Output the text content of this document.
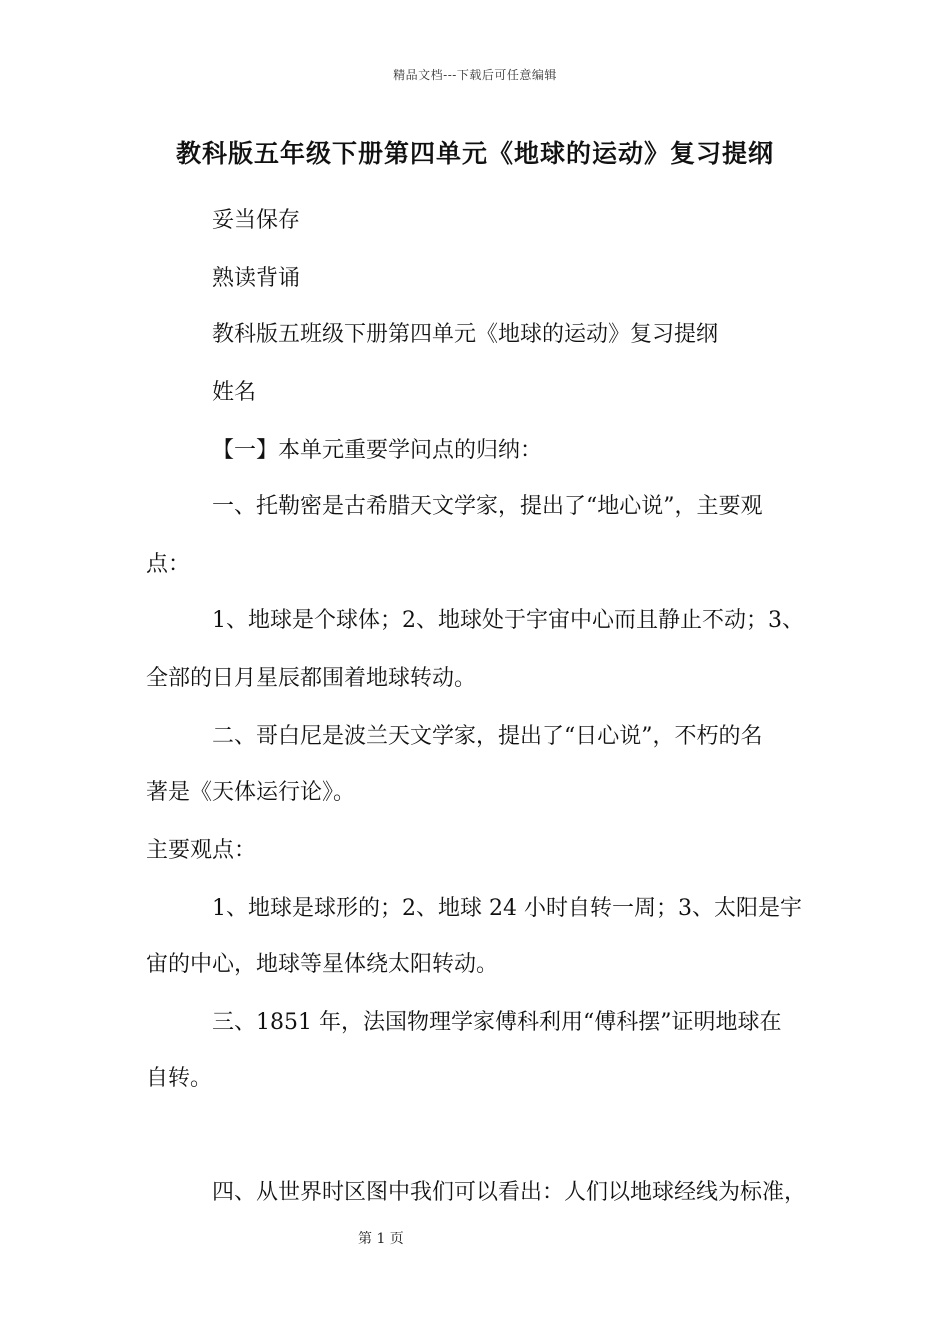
精品文档---下载后可任意编辑
教科版五年级下册第四单元《地球的运动》复习提纲

妥当保存

熟读背诵

教科版五班级下册第四单元《地球的运动》复习提纲

姓名

【一】本单元重要学问点的归纳：

一、托勒密是古希腊天文学家，提出了“地心说”，主要观

点：

1、地球是个球体；2、地球处于宇宙中心而且静止不动；3、

全部的日月星辰都围着地球转动。

二、哥白尼是波兰天文学家，提出了“日心说”，不朽的名

著是《天体运行论》。

主要观点：

1、地球是球形的；2、地球 24 小时自转一周；3、太阳是宇

宙的中心，地球等星体绕太阳转动。

三、1851 年，法国物理学家傅科利用“傅科摆”证明地球在

自转。

四、从世界时区图中我们可以看出：人们以地球经线为标准，

第 1 页
